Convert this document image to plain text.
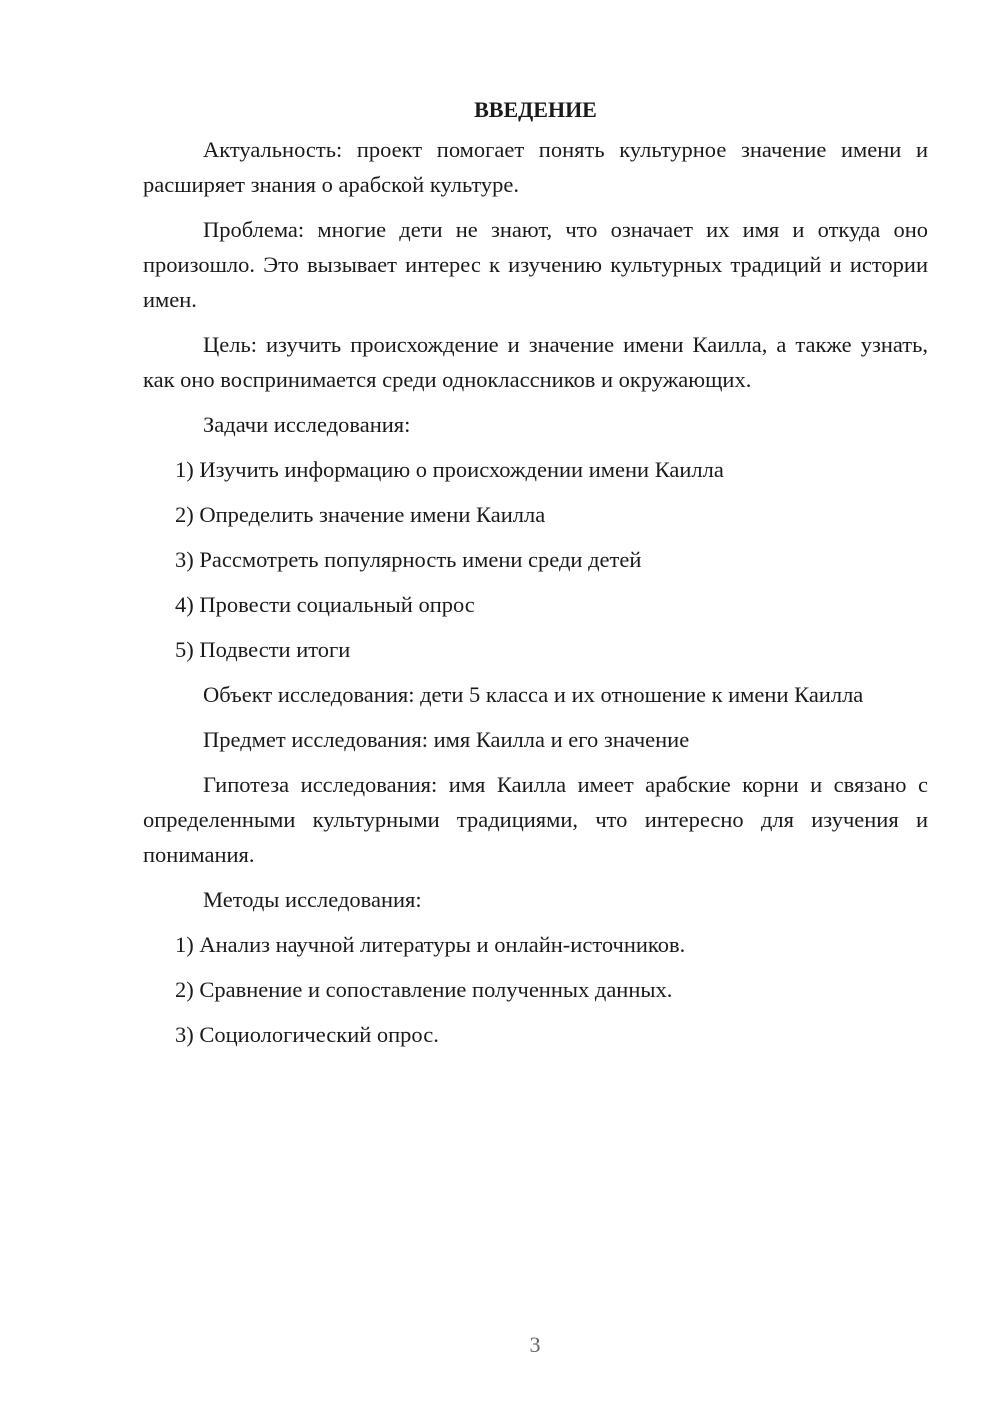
ВВЕДЕНИЕ

Актуальность: проект помогает понять культурное значение имени и расширяет знания о арабской культуре.

Проблема: многие дети не знают, что означает их имя и откуда оно произошло. Это вызывает интерес к изучению культурных традиций и истории имен.

Цель: изучить происхождение и значение имени Каилла, а также узнать, как оно воспринимается среди одноклассников и окружающих.

Задачи исследования:

1) Изучить информацию о происхождении имени Каилла
2) Определить значение имени Каилла
3) Рассмотреть популярность имени среди детей
4) Провести социальный опрос
5) Подвести итоги

Объект исследования: дети 5 класса и их отношение к имени Каилла

Предмет исследования: имя Каилла и его значение

Гипотеза исследования: имя Каилла имеет арабские корни и связано с определенными культурными традициями, что интересно для изучения и понимания.

Методы исследования:

1) Анализ научной литературы и онлайн-источников.
2) Сравнение и сопоставление полученных данных.
3) Социологический опрос.
3
